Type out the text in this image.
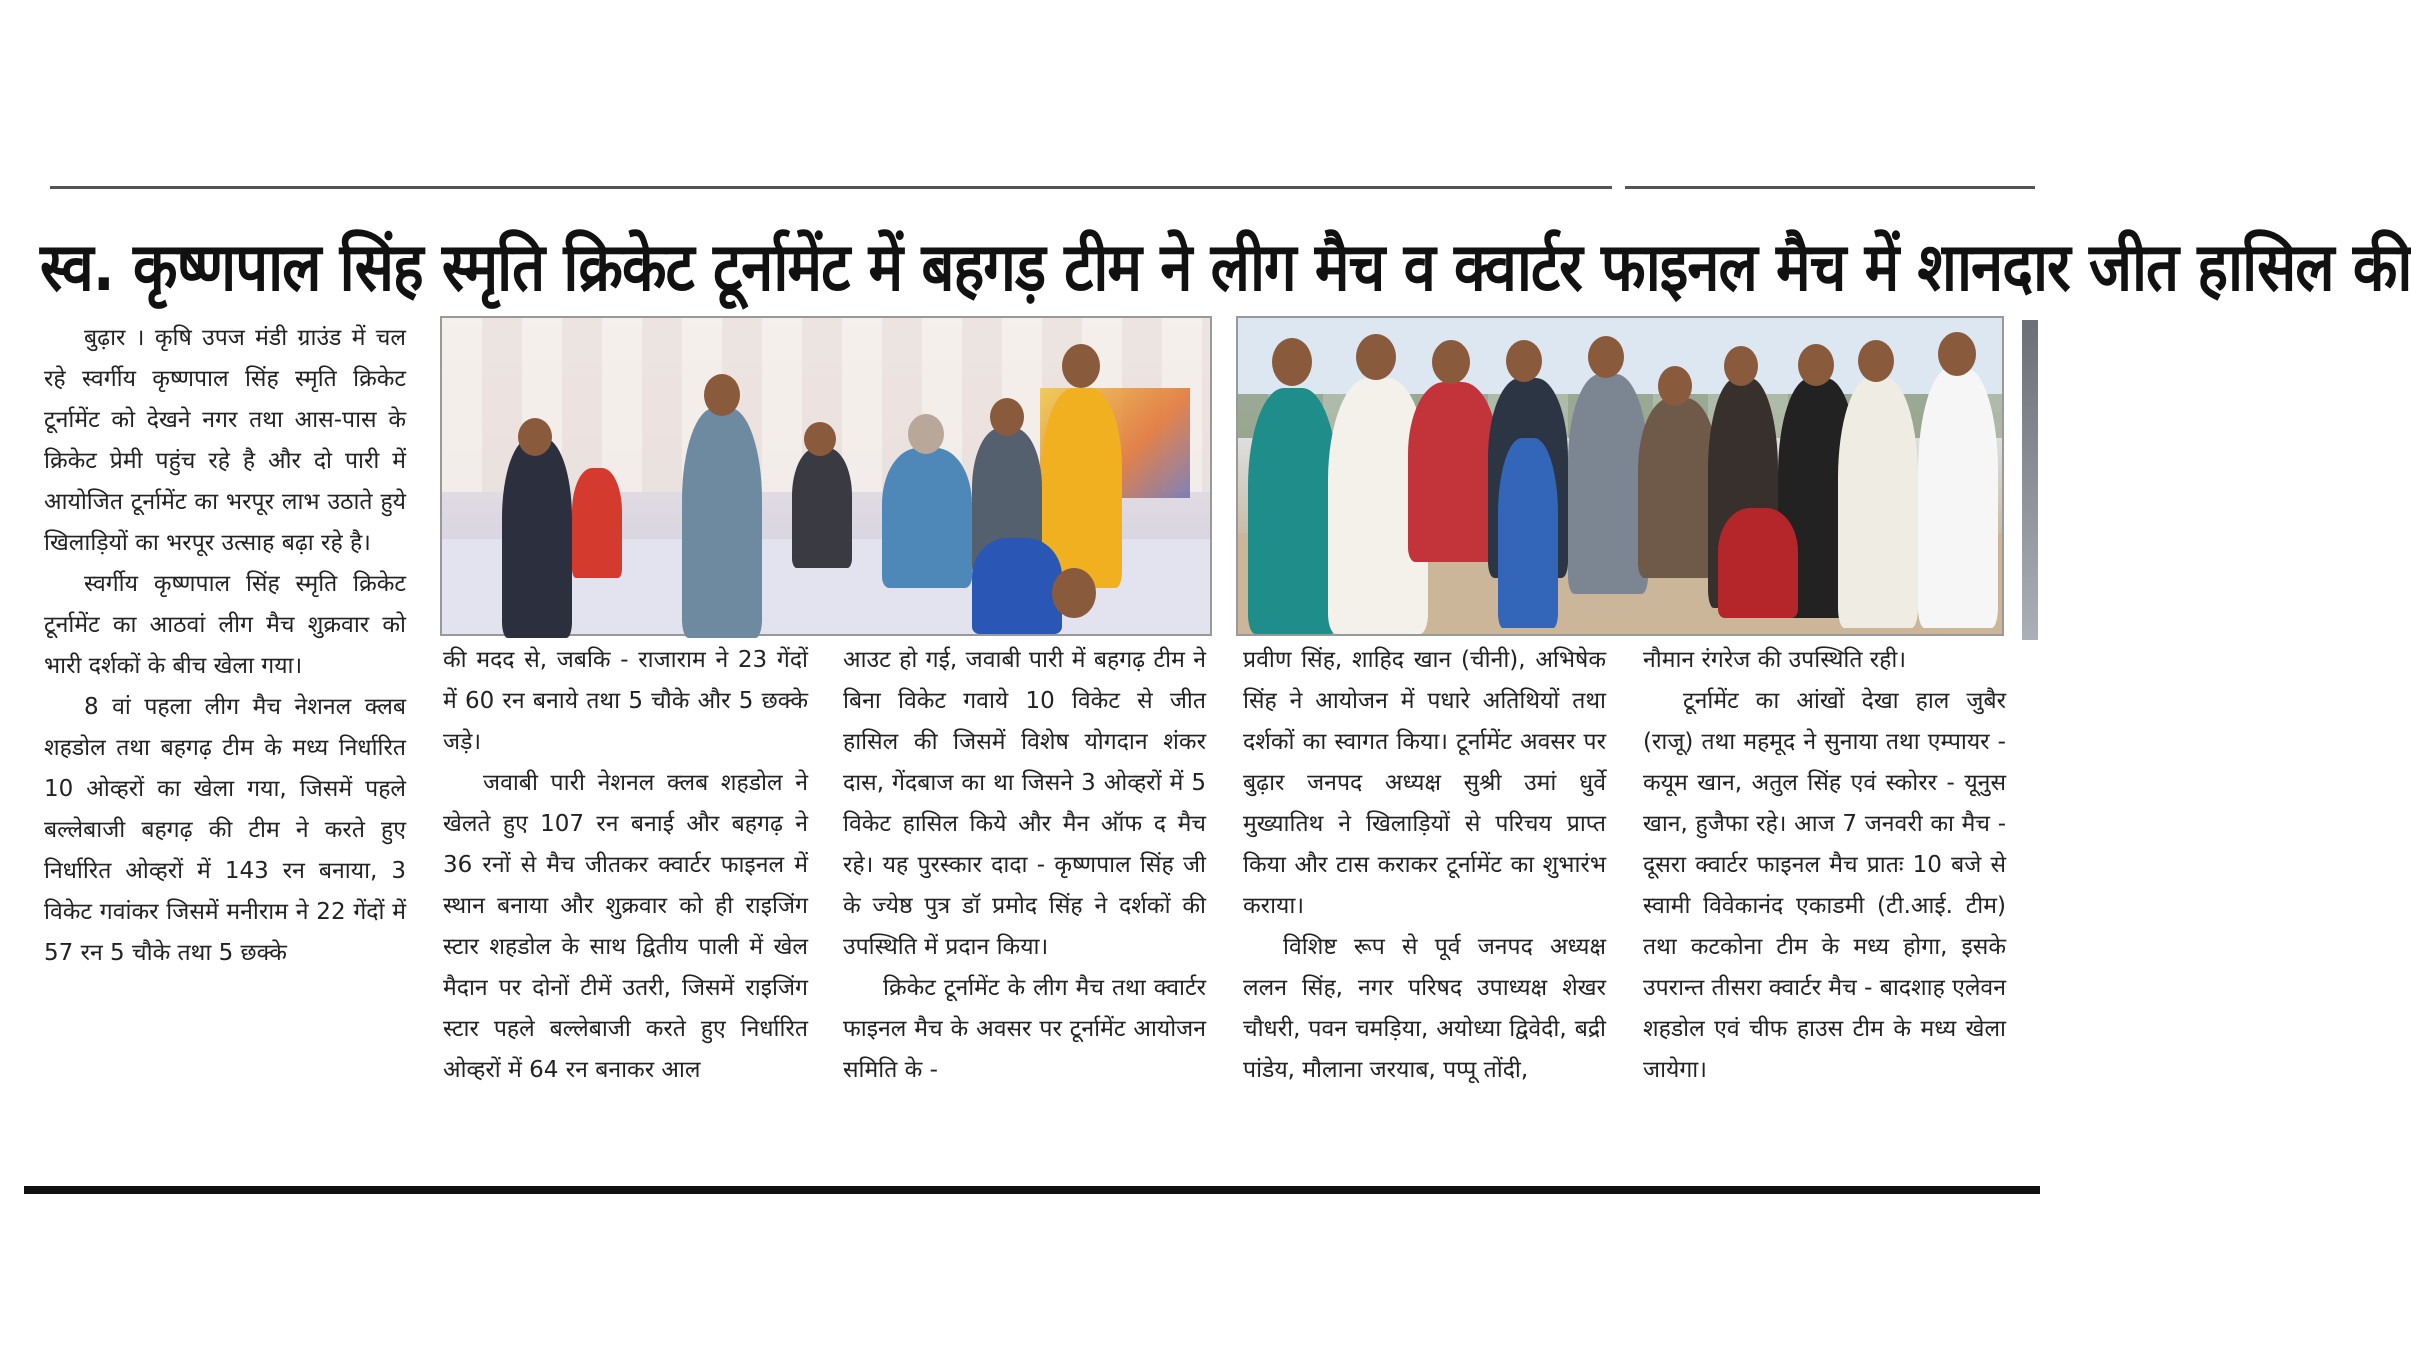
स्व. कृष्णपाल सिंह स्मृति क्रिकेट टूर्नामेंट में बहगड़ टीम ने लीग मैच व क्वार्टर फाइनल मैच में शानदार जीत हासिल की

बुढ़ार । कृषि उपज मंडी ग्राउंड में चल रहे स्वर्गीय कृष्णपाल सिंह स्मृति क्रिकेट टूर्नामेंट को देखने नगर तथा आस-पास के क्रिकेट प्रेमी पहुंच रहे है और दो पारी में आयोजित टूर्नामेंट का भरपूर लाभ उठाते हुये खिलाड़ियों का भरपूर उत्साह बढ़ा रहे है।

स्वर्गीय कृष्णपाल सिंह स्मृति क्रिकेट टूर्नामेंट का आठवां लीग मैच शुक्रवार को भारी दर्शकों के बीच खेला गया।

8 वां पहला लीग मैच नेशनल क्लब शहडोल तथा बहगढ़ टीम के मध्य निर्धारित 10 ओव्हरों का खेला गया, जिसमें पहले बल्लेबाजी बहगढ़ की टीम ने करते हुए निर्धारित ओव्हरों में 143 रन बनाया, 3 विकेट गवांकर जिसमें मनीराम ने 22 गेंदों में 57 रन 5 चौके तथा 5 छक्के

की मदद से, जबकि - राजाराम ने 23 गेंदों में 60 रन बनाये तथा 5 चौके और 5 छक्के जड़े।

जवाबी पारी नेशनल क्लब शहडोल ने खेलते हुए 107 रन बनाई और बहगढ़ ने 36 रनों से मैच जीतकर क्वार्टर फाइनल में स्थान बनाया और शुक्रवार को ही राइजिंग स्टार शहडोल के साथ द्वितीय पाली में खेल मैदान पर दोनों टीमें उतरी, जिसमें राइजिंग स्टार पहले बल्लेबाजी करते हुए निर्धारित ओव्हरों में 64 रन बनाकर आल

आउट हो गई, जवाबी पारी में बहगढ़ टीम ने बिना विकेट गवाये 10 विकेट से जीत हासिल की जिसमें विशेष योगदान शंकर दास, गेंदबाज का था जिसने 3 ओव्हरों में 5 विकेट हासिल किये और मैन ऑफ द मैच रहे। यह पुरस्कार दादा - कृष्णपाल सिंह जी के ज्येष्ठ पुत्र डॉ प्रमोद सिंह ने दर्शकों की उपस्थिति में प्रदान किया।

क्रिकेट टूर्नामेंट के लीग मैच तथा क्वार्टर फाइनल मैच के अवसर पर टूर्नामेंट आयोजन समिति के -

प्रवीण सिंह, शाहिद खान (चीनी), अभिषेक सिंह ने आयोजन में पधारे अतिथियों तथा दर्शकों का स्वागत किया। टूर्नामेंट अवसर पर बुढ़ार जनपद अध्यक्ष सुश्री उमां धुर्वे मुख्यातिथ ने खिलाड़ियों से परिचय प्राप्त किया और टास कराकर टूर्नामेंट का शुभारंभ कराया।

विशिष्ट रूप से पूर्व जनपद अध्यक्ष ललन सिंह, नगर परिषद उपाध्यक्ष शेखर चौधरी, पवन चमड़िया, अयोध्या द्विवेदी, बद्री पांडेय, मौलाना जरयाब, पप्पू तोंदी,

नौमान रंगरेज की उपस्थिति रही।

टूर्नामेंट का आंखों देखा हाल जुबैर (राजू) तथा महमूद ने सुनाया तथा एम्पायर - कयूम खान, अतुल सिंह एवं स्कोरर - यूनुस खान, हुजैफा रहे। आज 7 जनवरी का मैच - दूसरा क्वार्टर फाइनल मैच प्रातः 10 बजे से स्वामी विवेकानंद एकाडमी (टी.आई. टीम) तथा कटकोना टीम के मध्य होगा, इसके उपरान्त तीसरा क्वार्टर मैच - बादशाह एलेवन शहडोल एवं चीफ हाउस टीम के मध्य खेला जायेगा।
